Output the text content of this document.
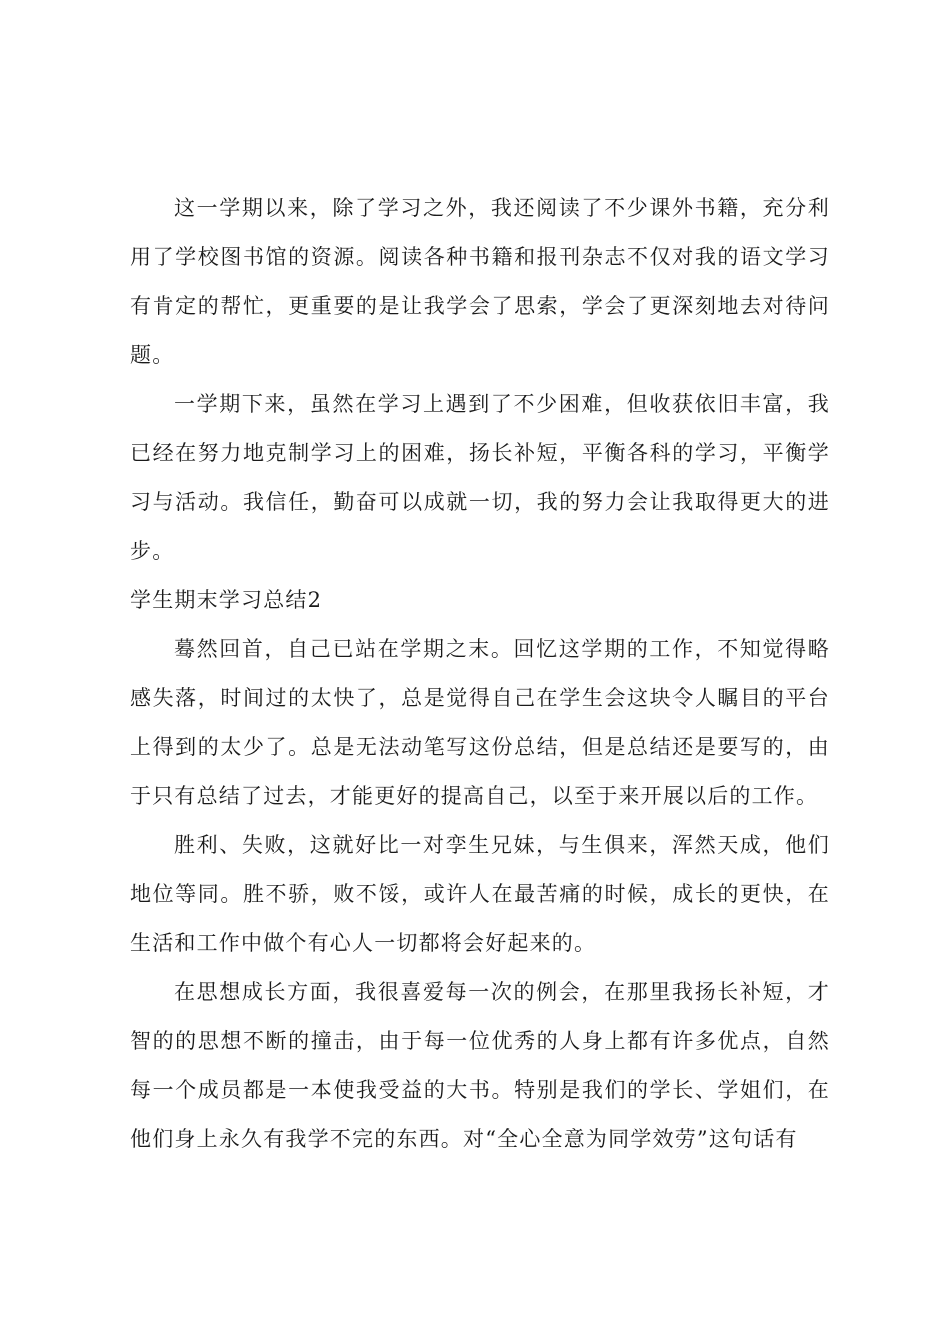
这一学期以来，除了学习之外，我还阅读了不少课外书籍，充分利用了学校图书馆的资源。阅读各种书籍和报刊杂志不仅对我的语文学习有肯定的帮忙，更重要的是让我学会了思索，学会了更深刻地去对待问题。

一学期下来，虽然在学习上遇到了不少困难，但收获依旧丰富，我已经在努力地克制学习上的困难，扬长补短，平衡各科的学习，平衡学习与活动。我信任，勤奋可以成就一切，我的努力会让我取得更大的进步。

学生期末学习总结2

蓦然回首，自己已站在学期之末。回忆这学期的工作，不知觉得略感失落，时间过的太快了，总是觉得自己在学生会这块令人瞩目的平台上得到的太少了。总是无法动笔写这份总结，但是总结还是要写的，由于只有总结了过去，才能更好的提高自己，以至于来开展以后的工作。

胜利、失败，这就好比一对孪生兄妹，与生俱来，浑然天成，他们地位等同。胜不骄，败不馁，或许人在最苦痛的时候，成长的更快，在生活和工作中做个有心人一切都将会好起来的。

在思想成长方面，我很喜爱每一次的例会，在那里我扬长补短，才智的的思想不断的撞击，由于每一位优秀的人身上都有许多优点，自然每一个成员都是一本使我受益的大书。特别是我们的学长、学姐们，在他们身上永久有我学不完的东西。对“全心全意为同学效劳”这句话有
